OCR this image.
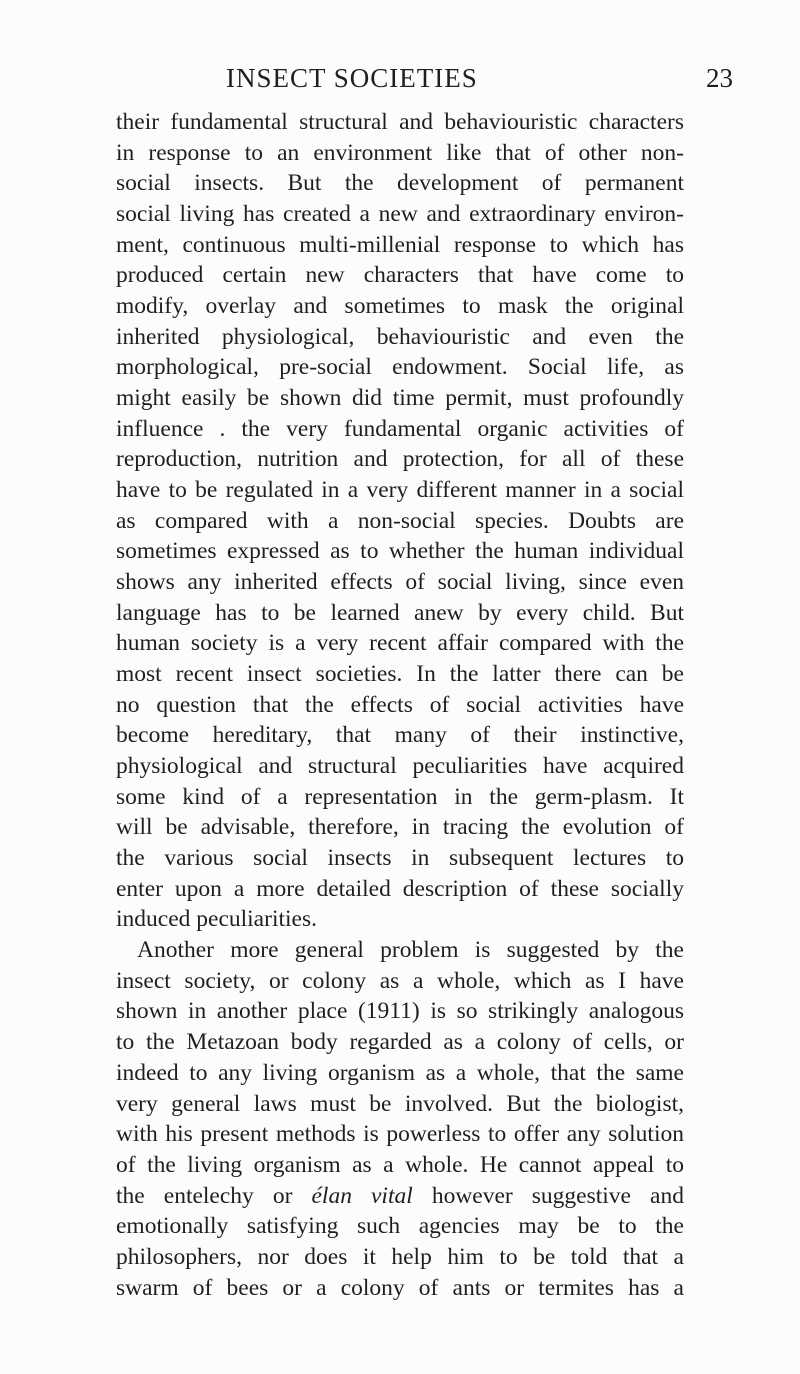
INSECT SOCIETIES	23
their fundamental structural and behaviouristic characters
in response to an environment like that of other non-
social insects. But the development of permanent
social living has created a new and extraordinary environ-
ment, continuous multi-millenial response to which has
produced certain new characters that have come to
modify, overlay and sometimes to mask the original
inherited physiological, behaviouristic and even the
morphological, pre-social endowment. Social life, as
might easily be shown did time permit, must profoundly
influence . the very fundamental organic activities of
reproduction, nutrition and protection, for all of these
have to be regulated in a very different manner in a social
as compared with a non-social species. Doubts are
sometimes expressed as to whether the human individual
shows any inherited effects of social living, since even
language has to be learned anew by every child. But
human society is a very recent affair compared with the
most recent insect societies. In the latter there can be
no question that the effects of social activities have
become hereditary, that many of their instinctive,
physiological and structural peculiarities have acquired
some kind of a representation in the germ-plasm. It
will be advisable, therefore, in tracing the evolution of
the various social insects in subsequent lectures to
enter upon a more detailed description of these socially
induced peculiarities.
Another more general problem is suggested by the
insect society, or colony as a whole, which as I have
shown in another place (1911) is so strikingly analogous
to the Metazoan body regarded as a colony of cells, or
indeed to any living organism as a whole, that the same
very general laws must be involved. But the biologist,
with his present methods is powerless to offer any solution
of the living organism as a whole. He cannot appeal to
the entelechy or élan vital however suggestive and
emotionally satisfying such agencies may be to the
philosophers, nor does it help him to be told that a
swarm of bees or a colony of ants or termites has a
